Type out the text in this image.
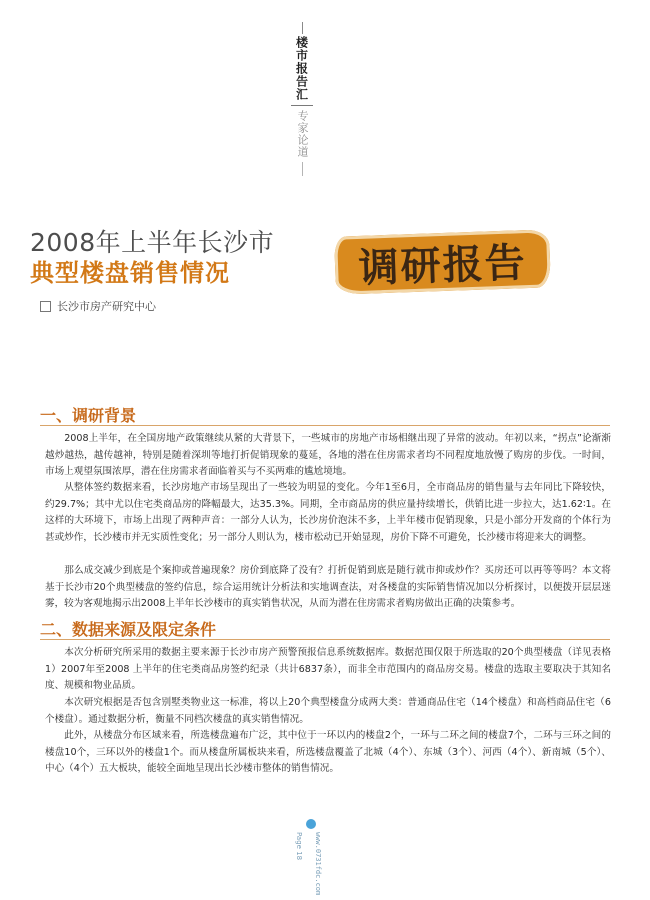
楼市报告汇
专家论道
2008年上半年长沙市
典型楼盘销售情况	调研报告
长沙市房产研究中心
一、调研背景

2008上半年，在全国房地产政策继续从紧的大背景下，一些城市的房地产市场相继出现了异常的波动。年初以来，“拐点”论渐渐越炒越热，越传越神，特别是随着深圳等地打折促销现象的蔓延，各地的潜在住房需求者均不同程度地放慢了购房的步伐。一时间，市场上观望氛围浓厚，潜在住房需求者面临着买与不买两难的尴尬境地。

从整体签约数据来看，长沙房地产市场呈现出了一些较为明显的变化。今年1至6月，全市商品房的销售量与去年同比下降较快，约29.7%；其中尤以住宅类商品房的降幅最大，达35.3%。同期，全市商品房的供应量持续增长，供销比进一步拉大，达1.62∶1。在这样的大环境下，市场上出现了两种声音：一部分人认为，长沙房价泡沫不多，上半年楼市促销现象，只是小部分开发商的个体行为甚或炒作，长沙楼市并无实质性变化；另一部分人则认为，楼市松动已开始显现，房价下降不可避免，长沙楼市将迎来大的调整。

那么成交减少到底是个案抑或普遍现象？房价到底降了没有？打折促销到底是随行就市抑或炒作？买房还可以再等等吗？本文将基于长沙市20个典型楼盘的签约信息，综合运用统计分析法和实地调查法，对各楼盘的实际销售情况加以分析探讨，以便拨开层层迷雾，较为客观地揭示出2008上半年长沙楼市的真实销售状况，从而为潜在住房需求者购房做出正确的决策参考。

二、数据来源及限定条件

本次分析研究所采用的数据主要来源于长沙市房产预警预报信息系统数据库。数据范围仅限于所选取的20个典型楼盘（详见表格1）2007年至2008 上半年的住宅类商品房签约纪录（共计6837条），而非全市范围内的商品房交易。楼盘的选取主要取决于其知名度、规模和物业品质。

本次研究根据是否包含别墅类物业这一标准，将以上20个典型楼盘分成两大类：普通商品住宅（14个楼盘）和高档商品住宅（6个楼盘）。通过数据分析，衡量不同档次楼盘的真实销售情况。

此外，从楼盘分布区域来看，所选楼盘遍布广泛，其中位于一环以内的楼盘2个，一环与二环之间的楼盘7个，二环与三环之间的楼盘10个，三环以外的楼盘1个。而从楼盘所属板块来看，所选楼盘覆盖了北城（4个）、东城（3个）、河西（4个）、新南城（5个）、中心（4个）五大板块，能较全面地呈现出长沙楼市整体的销售情况。

Page 18 www.0731fdc.com
